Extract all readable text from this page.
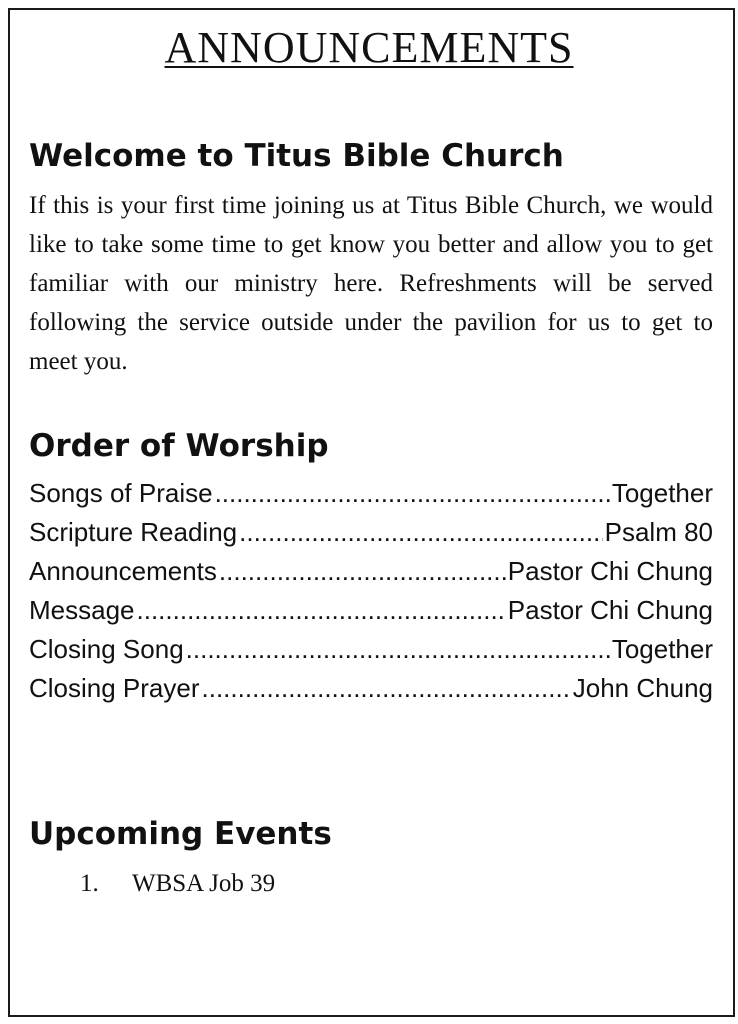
ANNOUNCEMENTS
Welcome to Titus Bible Church
If this is your first time joining us at Titus Bible Church, we would like to take some time to get know you better and allow you to get familiar with our ministry here. Refreshments will be served following the service outside under the pavilion for us to get to meet you.
Order of Worship
Songs of Praise .....	Together
Scripture Reading .....	Psalm 80
Announcements .....	Pastor Chi Chung
Message .....	Pastor Chi Chung
Closing Song .....	Together
Closing Prayer .....	John Chung
Upcoming Events
1.	WBSA Job 39
